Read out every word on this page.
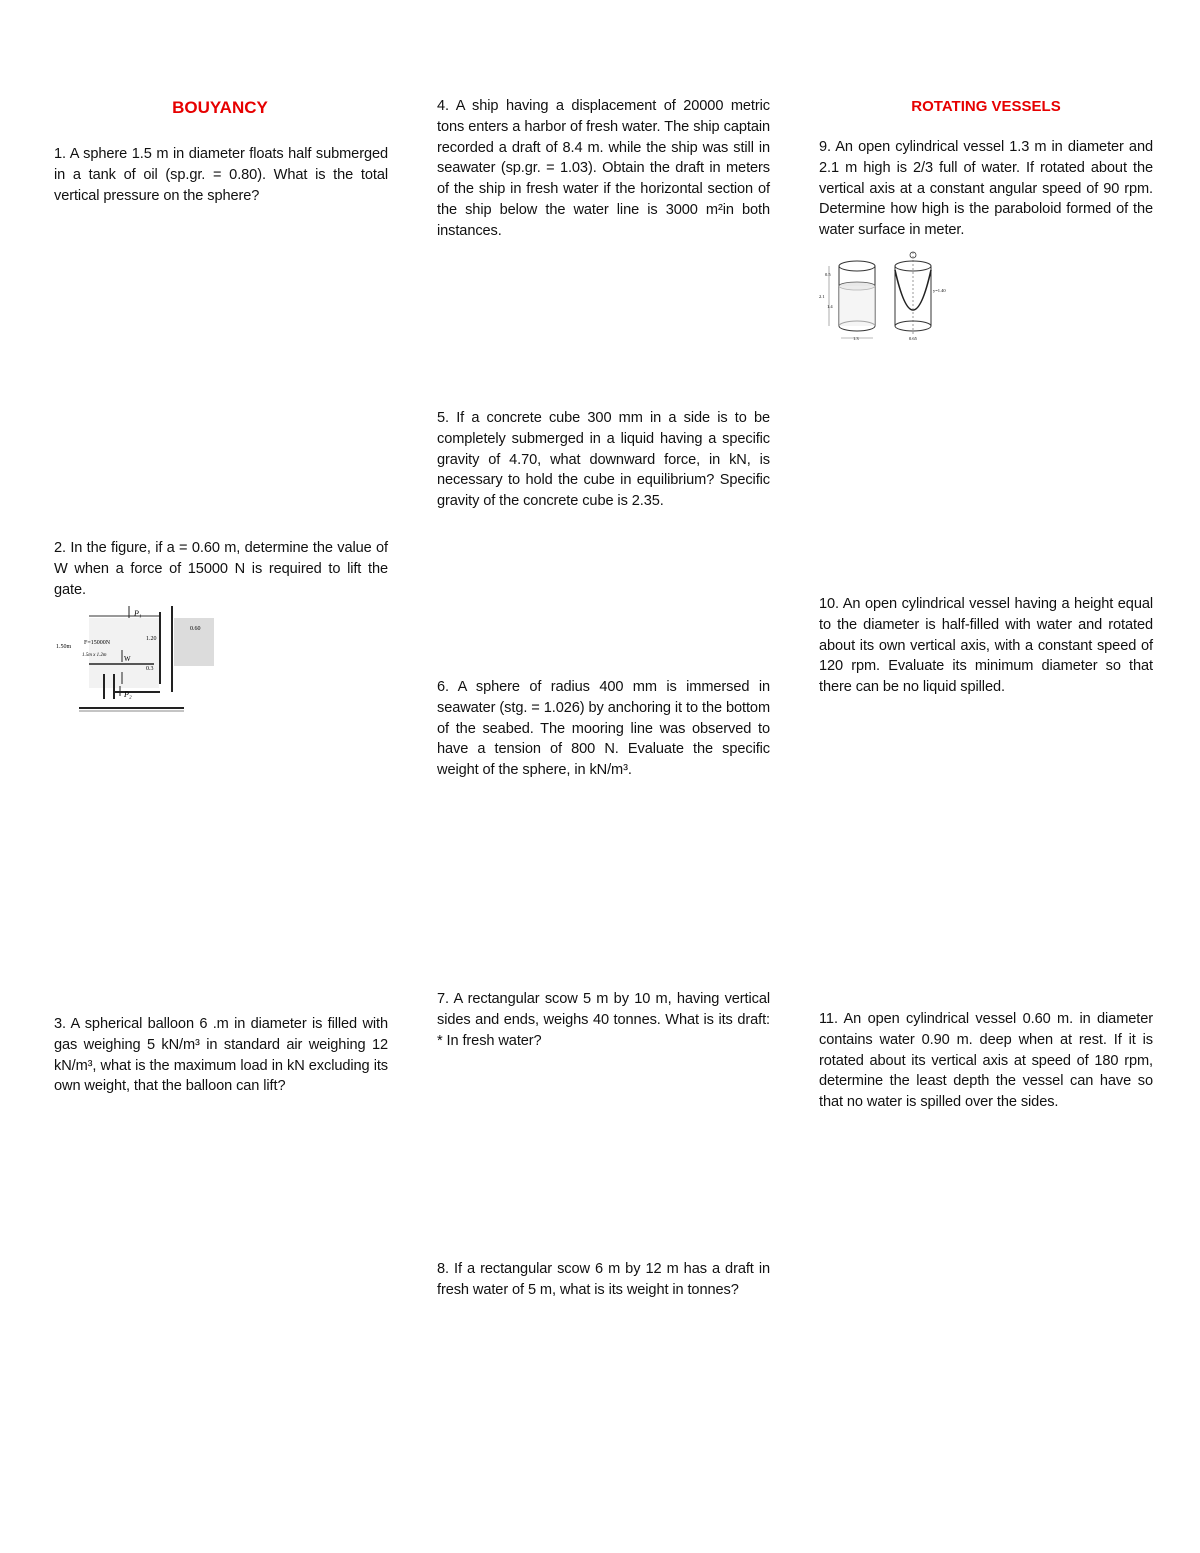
BOUYANCY
1. A sphere 1.5 m in diameter floats half submerged in a tank of oil (sp.gr. = 0.80). What is the total vertical pressure on the sphere?
2. In the figure, if a = 0.60 m, determine the value of W when a force of 15000 N is required to lift the gate.
P₁
P₂
F=15000N
W
1.50m
1.20
0.60
0.3
1.5m x 1.2m
3. A spherical balloon 6 .m in diameter is filled with gas weighing 5 kN/m³ in standard air weighing 12 kN/m³, what is the maximum load in kN excluding its own weight, that the balloon can lift?
4. A ship having a displacement of 20000 metric tons enters a harbor of fresh water. The ship captain recorded a draft of 8.4 m. while the ship was still in seawater (sp.gr. = 1.03). Obtain the draft in meters of the ship in fresh water if the horizontal section of the ship below the water line is 3000 m²in both instances.
5. If a concrete cube 300 mm in a side is to be completely submerged in a liquid having a specific gravity of 4.70, what downward force, in kN, is necessary to hold the cube in equilibrium? Specific gravity of the concrete cube is 2.35.
6. A sphere of radius 400 mm is immersed in seawater (stg. = 1.026) by anchoring it to the bottom of the seabed. The mooring line was observed to have a tension of 800 N. Evaluate the specific weight of the sphere, in kN/m³.
7. A rectangular scow 5 m by 10 m, having vertical sides and ends, weighs 40 tonnes. What is its draft: * In fresh water?
8. If a rectangular scow 6 m by 12 m has a draft in fresh water of 5 m, what is its weight in tonnes?
ROTATING VESSELS
9. An open cylindrical vessel 1.3 m in diameter and 2.1 m high is 2/3 full of water. If rotated about the vertical axis at a constant angular speed of 90 rpm. Determine how high is the paraboloid formed of the water surface in meter.
0.5
2.1
1.4
1.3	0.65
y=1.40
10. An open cylindrical vessel having a height equal to the diameter is half-filled with water and rotated about its own vertical axis, with a constant speed of 120 rpm. Evaluate its minimum diameter so that there can be no liquid spilled.
11. An open cylindrical vessel 0.60 m. in diameter contains water 0.90 m. deep when at rest. If it is rotated about its vertical axis at speed of 180 rpm, determine the least depth the vessel can have so that no water is spilled over the sides.
